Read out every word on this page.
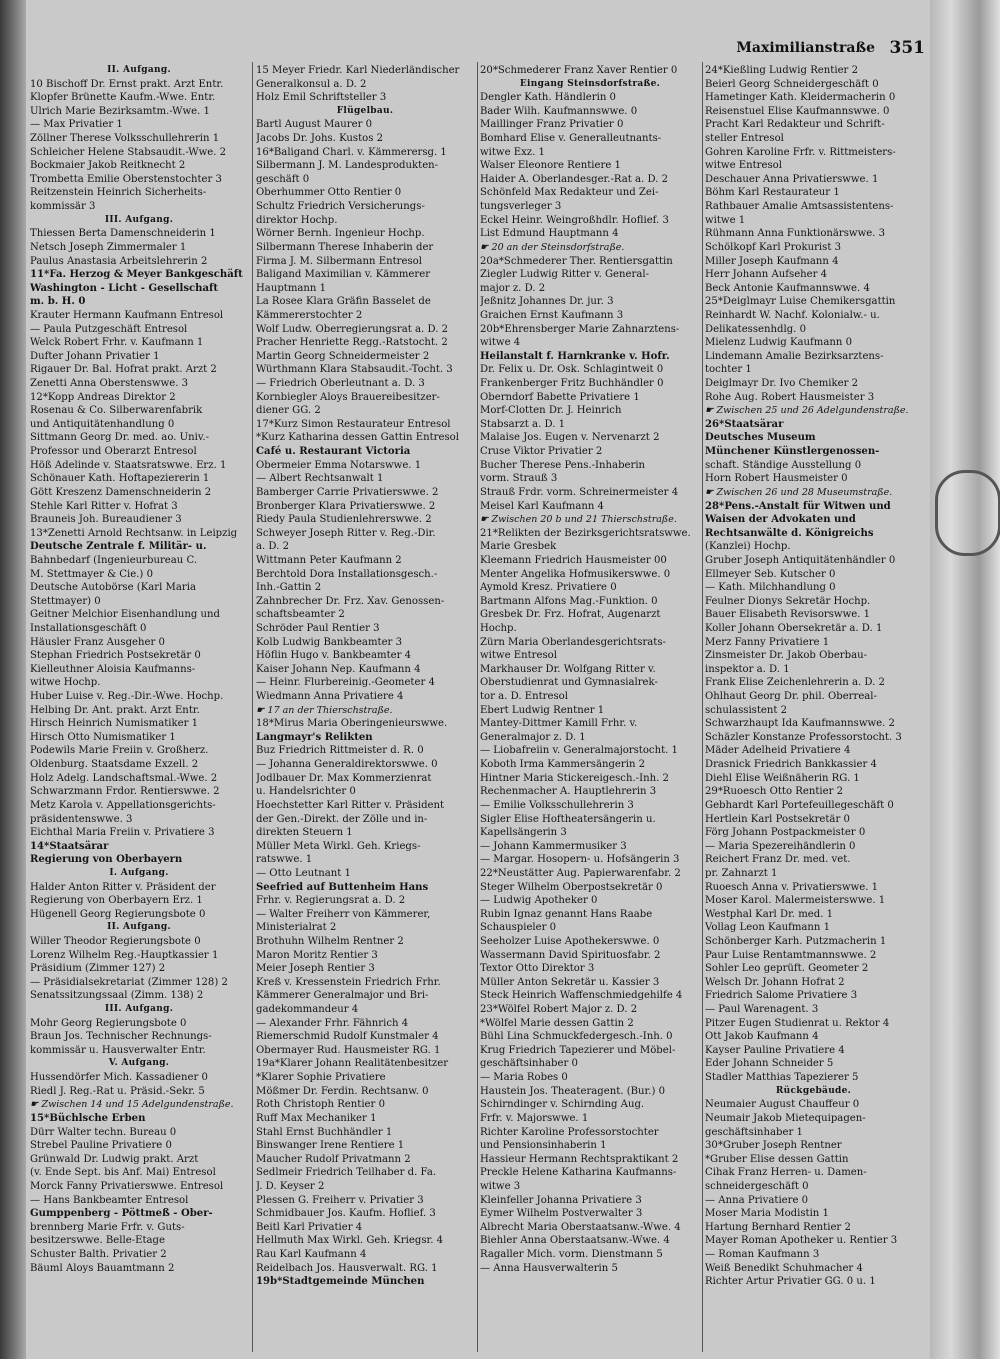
Maximilianstraße 351
II. Aufgang.
10 Bischoff Dr. Ernst prakt. Arzt Entr.
Klopfer Brünette Kaufm.-Wwe. Entr.
Ulrich Marie Bezirksamtm.-Wwe. 1
— Max Privatier 1
Zöllner Therese Volksschullehrerin 1
Schleicher Helene Stabsaudit.-Wwe. 2
Bockmaier Jakob Reitknecht 2
Trombetta Emilie Oberstenstochter 3
Reitzenstein Heinrich Sicherheits-
kommissär 3
III. Aufgang.
Thiessen Berta Damenschneiderin 1
Netsch Joseph Zimmermaler 1
Paulus Anastasia Arbeitslehrerin 2
11*Fa. Herzog & Meyer Bankgeschäft
Washington - Licht - Gesellschaft
m. b. H. 0
Krauter Hermann Kaufmann Entresol
— Paula Putzgeschäft Entresol
Welck Robert Frhr. v. Kaufmann 1
Dufter Johann Privatier 1
Rigauer Dr. Bal. Hofrat prakt. Arzt 2
Zenetti Anna Oberstenswwe. 3
12*Kopp Andreas Direktor 2
Rosenau & Co. Silberwarenfabrik
und Antiquitätenhandlung 0
Sittmann Georg Dr. med. ao. Univ.-
Professor und Oberarzt Entresol
Höß Adelinde v. Staatsratswwe. Erz. 1
Schönauer Kath. Hoftapeziererin 1
Gött Kreszenz Damenschneiderin 2
Stehle Karl Ritter v. Hofrat 3
Brauneis Joh. Bureaudiener 3
13*Zenetti Arnold Rechtsanw. in Leipzig
Deutsche Zentrale f. Militär- u.
Bahnbedarf (Ingenieurbureau C.
M. Stettmayer & Cie.) 0
Deutsche Autobörse (Karl Maria
Stettmayer) 0
Geitner Melchior Eisenhandlung und
Installationsgeschäft 0
Häusler Franz Ausgeher 0
Stephan Friedrich Postsekretär 0
Kielleuthner Aloisia Kaufmanns-
witwe Hochp.
Huber Luise v. Reg.-Dir.-Wwe. Hochp.
Helbing Dr. Ant. prakt. Arzt Entr.
Hirsch Heinrich Numismatiker 1
Hirsch Otto Numismatiker 1
Podewils Marie Freiin v. Großherz.
Oldenburg. Staatsdame Exzell. 2
Holz Adelg. Landschaftsmal.-Wwe. 2
Schwarzmann Frdor. Rentierswwe. 2
Metz Karola v. Appellationsgerichts-
präsidentenswwe. 3
Eichthal Maria Freiin v. Privatiere 3
14*Staatsärar
Regierung von Oberbayern
I. Aufgang.
Halder Anton Ritter v. Präsident der
Regierung von Oberbayern Erz. 1
Hügenell Georg Regierungsbote 0
II. Aufgang.
Willer Theodor Regierungsbote 0
Lorenz Wilhelm Reg.-Hauptkassier 1
Präsidium (Zimmer 127) 2
— Präsidialsekretariat (Zimmer 128) 2
Senatssitzungssaal (Zimm. 138) 2
III. Aufgang.
Mohr Georg Regierungsbote 0
Braun Jos. Technischer Rechnungs-
kommissär u. Hausverwalter Entr.
V. Aufgang.
Hussendörfer Mich. Kassadiener 0
Riedl J. Reg.-Rat u. Präsid.-Sekr. 5
☛ Zwischen 14 und 15 Adelgundenstraße.
15*Büchlsche Erben
Dürr Walter techn. Bureau 0
Strebel Pauline Privatiere 0
Grünwald Dr. Ludwig prakt. Arzt
(v. Ende Sept. bis Anf. Mai) Entresol
Morck Fanny Privatierswwe. Entresol
— Hans Bankbeamter Entresol
Gumppenberg - Pöttmeß - Ober-
brennberg Marie Frfr. v. Guts-
besitzerswwe. Belle-Etage
Schuster Balth. Privatier 2
Bäuml Aloys Bauamtmann 2
15 Meyer Friedr. Karl Niederländischer
Generalkonsul a. D. 2
Holz Emil Schriftsteller 3
Flügelbau.
Bartl August Maurer 0
Jacobs Dr. Johs. Kustos 2
16*Baligand Charl. v. Kämmerersg. 1
Silbermann J. M. Landesprodukten-
geschäft 0
Oberhummer Otto Rentier 0
Schultz Friedrich Versicherungs-
direktor Hochp.
Wörner Bernh. Ingenieur Hochp.
Silbermann Therese Inhaberin der
Firma J. M. Silbermann Entresol
Baligand Maximilian v. Kämmerer
Hauptmann 1
La Rosee Klara Gräfin Basselet de
Kämmererstochter 2
Wolf Ludw. Oberregierungsrat a. D. 2
Pracher Henriette Regg.-Ratstocht. 2
Martin Georg Schneidermeister 2
Würthmann Klara Stabsaudit.-Tocht. 3
— Friedrich Oberleutnant a. D. 3
Kornbiegler Aloys Brauereibesitzer-
diener GG. 2
17*Kurz Simon Restaurateur Entresol
*Kurz Katharina dessen Gattin Entresol
Café u. Restaurant Victoria
Obermeier Emma Notarswwe. 1
— Albert Rechtsanwalt 1
Bamberger Carrie Privatierswwe. 2
Bronberger Klara Privatierswwe. 2
Riedy Paula Studienlehrerswwe. 2
Schweyer Joseph Ritter v. Reg.-Dir.
a. D. 2
Wittmann Peter Kaufmann 2
Berchtold Dora Installationsgesch.-
Inh.-Gattin 2
Zahnbrecher Dr. Frz. Xav. Genossen-
schaftsbeamter 2
Schröder Paul Rentier 3
Kolb Ludwig Bankbeamter 3
Höflin Hugo v. Bankbeamter 4
Kaiser Johann Nep. Kaufmann 4
— Heinr. Flurbereinig.-Geometer 4
Wiedmann Anna Privatiere 4
☛ 17 an der Thierschstraße.
18*Mirus Maria Oberingenieurswwe.
Langmayr's Relikten
Buz Friedrich Rittmeister d. R. 0
— Johanna Generaldirektorswwe. 0
Jodlbauer Dr. Max Kommerzienrat
u. Handelsrichter 0
Hoechstetter Karl Ritter v. Präsident
der Gen.-Direkt. der Zölle und in-
direkten Steuern 1
Müller Meta Wirkl. Geh. Kriegs-
ratswwe. 1
— Otto Leutnant 1
Seefried auf Buttenheim Hans
Frhr. v. Regierungsrat a. D. 2
— Walter Freiherr von Kämmerer,
Ministerialrat 2
Brothuhn Wilhelm Rentner 2
Maron Moritz Rentier 3
Meier Joseph Rentier 3
Kreß v. Kressenstein Friedrich Frhr.
Kämmerer Generalmajor und Bri-
gadekommandeur 4
— Alexander Frhr. Fähnrich 4
Riemerschmid Rudolf Kunstmaler 4
Obermayer Rud. Hausmeister RG. 1
19a*Klarer Johann Realitätenbesitzer
*Klarer Sophie Privatiere
Mößmer Dr. Ferdin. Rechtsanw. 0
Roth Christoph Rentier 0
Ruff Max Mechaniker 1
Stahl Ernst Buchhändler 1
Binswanger Irene Rentiere 1
Maucher Rudolf Privatmann 2
Sedlmeir Friedrich Teilhaber d. Fa.
J. D. Keyser 2
Plessen G. Freiherr v. Privatier 3
Schmidbauer Jos. Kaufm. Hoflief. 3
Beitl Karl Privatier 4
Hellmuth Max Wirkl. Geh. Kriegsr. 4
Rau Karl Kaufmann 4
Reidelbach Jos. Hausverwalt. RG. 1
19b*Stadtgemeinde München
20*Schmederer Franz Xaver Rentier 0
Eingang Steinsdorfstraße.
Dengler Kath. Händlerin 0
Bader Wilh. Kaufmannswwe. 0
Maillinger Franz Privatier 0
Bomhard Elise v. Generalleutnants-
witwe Exz. 1
Walser Eleonore Rentiere 1
Haider A. Oberlandesger.-Rat a. D. 2
Schönfeld Max Redakteur und Zei-
tungsverleger 3
Eckel Heinr. Weingroßhdlr. Hoflief. 3
List Edmund Hauptmann 4
☛ 20 an der Steinsdorfstraße.
20a*Schmederer Ther. Rentiersgattin
Ziegler Ludwig Ritter v. General-
major z. D. 2
Jeßnitz Johannes Dr. jur. 3
Graichen Ernst Kaufmann 3
20b*Ehrensberger Marie Zahnarztens-
witwe 4
Heilanstalt f. Harnkranke v. Hofr.
Dr. Felix u. Dr. Osk. Schlagintweit 0
Frankenberger Fritz Buchhändler 0
Oberndorf Babette Privatiere 1
Morf-Clotten Dr. J. Heinrich
Stabsarzt a. D. 1
Malaise Jos. Eugen v. Nervenarzt 2
Cruse Viktor Privatier 2
Bucher Therese Pens.-Inhaberin
vorm. Strauß 3
Strauß Frdr. vorm. Schreinermeister 4
Meisel Karl Kaufmann 4
☛ Zwischen 20 b und 21 Thierschstraße.
21*Relikten der Bezirksgerichtsratswwe.
Marie Gresbek
Kleemann Friedrich Hausmeister 00
Menter Angelika Hofmusikerswwe. 0
Aymold Kresz. Privatiere 0
Bartmann Alfons Mag.-Funktion. 0
Gresbek Dr. Frz. Hofrat, Augenarzt
Hochp.
Zürn Maria Oberlandesgerichtsrats-
witwe Entresol
Markhauser Dr. Wolfgang Ritter v.
Oberstudienrat und Gymnasialrek-
tor a. D. Entresol
Ebert Ludwig Rentner 1
Mantey-Dittmer Kamill Frhr. v.
Generalmajor z. D. 1
— Liobafreiin v. Generalmajorstocht. 1
Koboth Irma Kammersängerin 2
Hintner Maria Stickereigesch.-Inh. 2
Rechenmacher A. Hauptlehrerin 3
— Emilie Volksschullehrerin 3
Sigler Elise Hoftheatersängerin u.
Kapellsängerin 3
— Johann Kammermusiker 3
— Margar. Hosopern- u. Hofsängerin 3
22*Neustätter Aug. Papierwarenfabr. 2
Steger Wilhelm Oberpostsekretär 0
— Ludwig Apotheker 0
Rubin Ignaz genannt Hans Raabe
Schauspieler 0
Seeholzer Luise Apothekerswwe. 0
Wassermann David Spirituosfabr. 2
Textor Otto Direktor 3
Müller Anton Sekretär u. Kassier 3
Steck Heinrich Waffenschmiedgehilfe 4
23*Wölfel Robert Major z. D. 2
*Wölfel Marie dessen Gattin 2
Bühl Lina Schmuckfedergesch.-Inh. 0
Krug Friedrich Tapezierer und Möbel-
geschäftsinhaber 0
— Maria Robes 0
Haustein Jos. Theateragent. (Bur.) 0
Schirndinger v. Schirnding Aug.
Frfr. v. Majorswwe. 1
Richter Karoline Professorstochter
und Pensionsinhaberin 1
Hassieur Hermann Rechtspraktikant 2
Preckle Helene Katharina Kaufmanns-
witwe 3
Kleinfeller Johanna Privatiere 3
Eymer Wilhelm Postverwalter 3
Albrecht Maria Oberstaatsanw.-Wwe. 4
Biehler Anna Oberstaatsanw.-Wwe. 4
Ragaller Mich. vorm. Dienstmann 5
— Anna Hausverwalterin 5
24*Kießling Ludwig Rentier 2
Beierl Georg Schneidergeschäft 0
Hametinger Kath. Kleidermacherin 0
Reisenstuel Elise Kaufmannswwe. 0
Pracht Karl Redakteur und Schrift-
steller Entresol
Gohren Karoline Frfr. v. Rittmeisters-
witwe Entresol
Deschauer Anna Privatierswwe. 1
Böhm Karl Restaurateur 1
Rathbauer Amalie Amtsassistentens-
witwe 1
Rühmann Anna Funktionärswwe. 3
Schölkopf Karl Prokurist 3
Miller Joseph Kaufmann 4
Herr Johann Aufseher 4
Beck Antonie Kaufmannswwe. 4
25*Deiglmayr Luise Chemikersgattin
Reinhardt W. Nachf. Kolonialw.- u.
Delikatessenhdlg. 0
Mielenz Ludwig Kaufmann 0
Lindemann Amalie Bezirksarztens-
tochter 1
Deiglmayr Dr. Ivo Chemiker 2
Rohe Aug. Robert Hausmeister 3
☛ Zwischen 25 und 26 Adelgundenstraße.
26*Staatsärar
Deutsches Museum
Münchener Künstlergenossen-
schaft. Ständige Ausstellung 0
Horn Robert Hausmeister 0
☛ Zwischen 26 und 28 Museumstraße.
28*Pens.-Anstalt für Witwen und
Waisen der Advokaten und
Rechtsanwälte d. Königreichs
(Kanzlei) Hochp.
Gruber Joseph Antiquitätenhändler 0
Ellmeyer Seb. Kutscher 0
— Kath. Milchhandlung 0
Feulner Dionys Sekretär Hochp.
Bauer Elisabeth Revisorswwe. 1
Koller Johann Obersekretär a. D. 1
Merz Fanny Privatiere 1
Zinsmeister Dr. Jakob Oberbau-
inspektor a. D. 1
Frank Elise Zeichenlehrerin a. D. 2
Ohlhaut Georg Dr. phil. Oberreal-
schulassistent 2
Schwarzhaupt Ida Kaufmannswwe. 2
Schäzler Konstanze Professorstocht. 3
Mäder Adelheid Privatiere 4
Drasnick Friedrich Bankkassier 4
Diehl Elise Weißnäherin RG. 1
29*Ruoesch Otto Rentier 2
Gebhardt Karl Portefeuillegeschäft 0
Hertlein Karl Postsekretär 0
Förg Johann Postpackmeister 0
— Maria Spezereihändlerin 0
Reichert Franz Dr. med. vet.
pr. Zahnarzt 1
Ruoesch Anna v. Privatierswwe. 1
Moser Karol. Malermeisterswwe. 1
Westphal Karl Dr. med. 1
Vollag Leon Kaufmann 1
Schönberger Karh. Putzmacherin 1
Paur Luise Rentamtmannswwe. 2
Sohler Leo geprüft. Geometer 2
Welsch Dr. Johann Hofrat 2
Friedrich Salome Privatiere 3
— Paul Warenagent. 3
Pitzer Eugen Studienrat u. Rektor 4
Ott Jakob Kaufmann 4
Kayser Pauline Privatiere 4
Eder Johann Schneider 5
Stadler Matthias Tapezierer 5
Rückgebäude.
Neumaier August Chauffeur 0
Neumair Jakob Mietequipagen-
geschäftsinhaber 1
30*Gruber Joseph Rentner
*Gruber Elise dessen Gattin
Cihak Franz Herren- u. Damen-
schneidergeschäft 0
— Anna Privatiere 0
Moser Maria Modistin 1
Hartung Bernhard Rentier 2
Mayer Roman Apotheker u. Rentier 3
— Roman Kaufmann 3
Weiß Benedikt Schuhmacher 4
Richter Artur Privatier GG. 0 u. 1
